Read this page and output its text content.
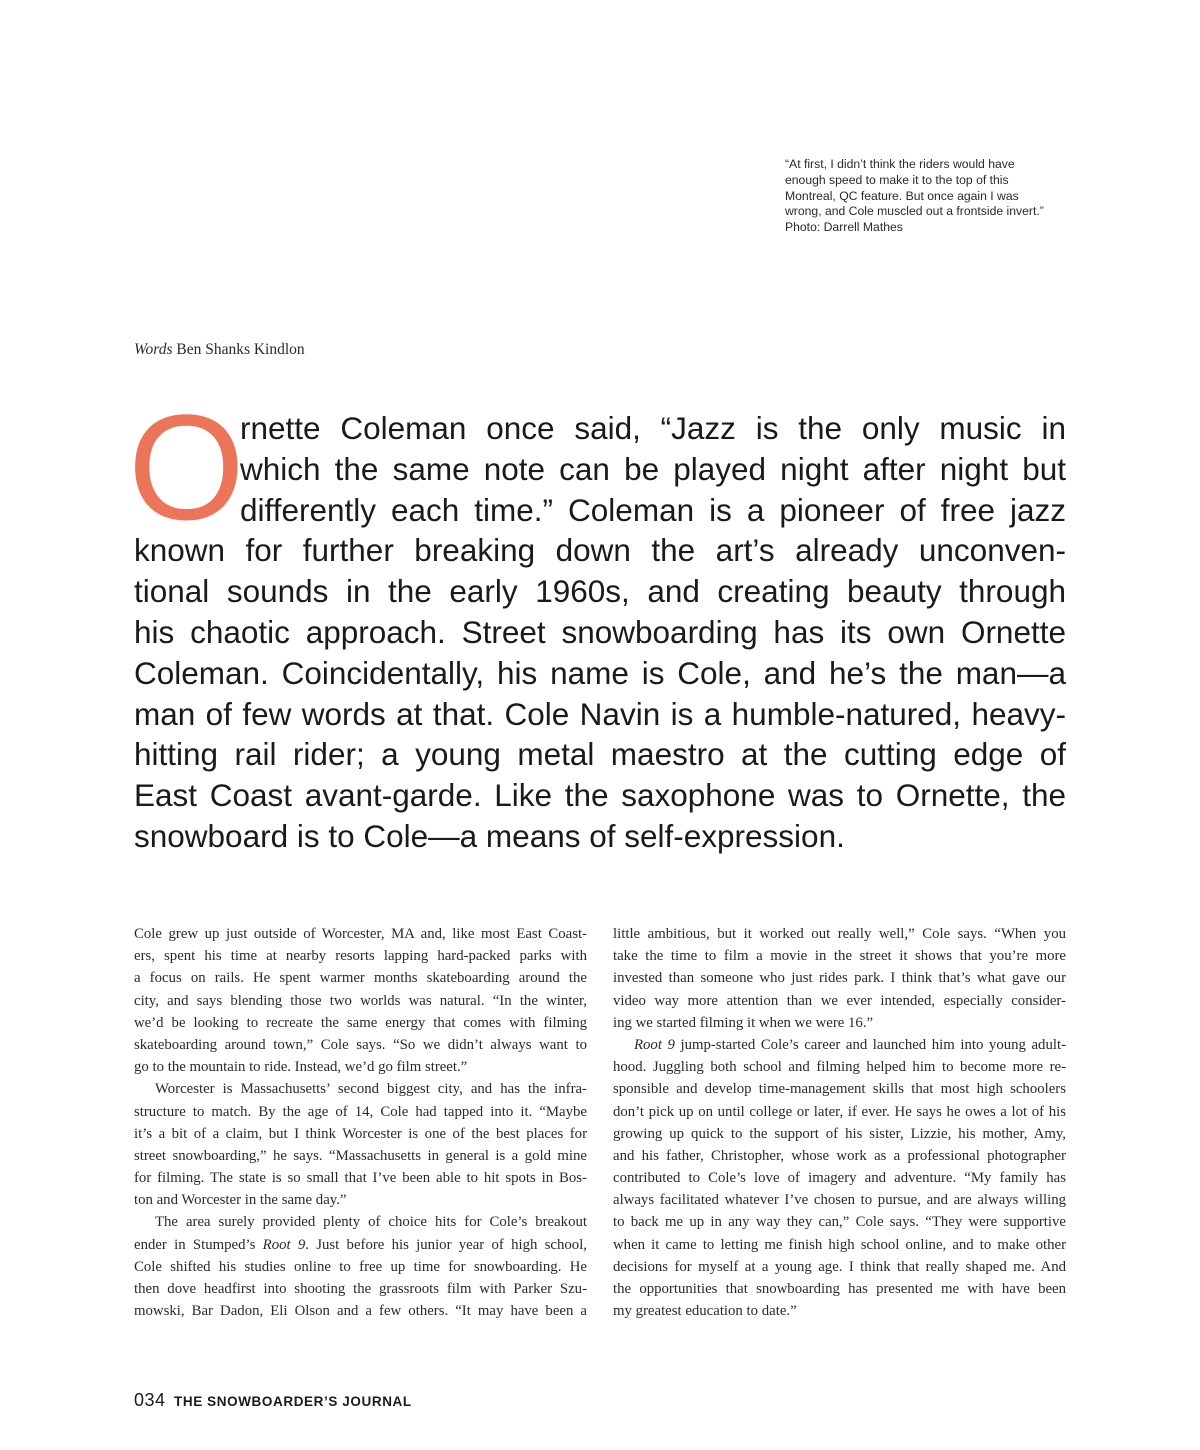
“At first, I didn’t think the riders would have
enough speed to make it to the top of this
Montreal, QC feature. But once again I was
wrong, and Cole muscled out a frontside invert.”
Photo: Darrell Mathes
Words Ben Shanks Kindlon
O
rnette Coleman once said, “Jazz is the only music in
which the same note can be played night after night but
differently each time.” Coleman is a pioneer of free jazz
known for further breaking down the art’s already unconven-
tional sounds in the early 1960s, and creating beauty through
his chaotic approach. Street snowboarding has its own Ornette
Coleman. Coincidentally, his name is Cole, and he’s the man—a
man of few words at that. Cole Navin is a humble-natured, heavy-
hitting rail rider; a young metal maestro at the cutting edge of
East Coast avant-garde. Like the saxophone was to Ornette, the
snowboard is to Cole—a means of self-expression.
Cole grew up just outside of Worcester, MA and, like most East Coast-
ers, spent his time at nearby resorts lapping hard-packed parks with
a focus on rails. He spent warmer months skateboarding around the
city, and says blending those two worlds was natural. “In the winter,
we’d be looking to recreate the same energy that comes with filming
skateboarding around town,” Cole says. “So we didn’t always want to
go to the mountain to ride. Instead, we’d go film street.”
Worcester is Massachusetts’ second biggest city, and has the infra-
structure to match. By the age of 14, Cole had tapped into it. “Maybe
it’s a bit of a claim, but I think Worcester is one of the best places for
street snowboarding,” he says. “Massachusetts in general is a gold mine
for filming. The state is so small that I’ve been able to hit spots in Bos-
ton and Worcester in the same day.”
The area surely provided plenty of choice hits for Cole’s breakout
ender in Stumped’s Root 9. Just before his junior year of high school,
Cole shifted his studies online to free up time for snowboarding. He
then dove headfirst into shooting the grassroots film with Parker Szu-
mowski, Bar Dadon, Eli Olson and a few others. “It may have been a
little ambitious, but it worked out really well,” Cole says. “When you
take the time to film a movie in the street it shows that you’re more
invested than someone who just rides park. I think that’s what gave our
video way more attention than we ever intended, especially consider-
ing we started filming it when we were 16.”
Root 9 jump-started Cole’s career and launched him into young adult-
hood. Juggling both school and filming helped him to become more re-
sponsible and develop time-management skills that most high schoolers
don’t pick up on until college or later, if ever. He says he owes a lot of his
growing up quick to the support of his sister, Lizzie, his mother, Amy,
and his father, Christopher, whose work as a professional photographer
contributed to Cole’s love of imagery and adventure. “My family has
always facilitated whatever I’ve chosen to pursue, and are always willing
to back me up in any way they can,” Cole says. “They were supportive
when it came to letting me finish high school online, and to make other
decisions for myself at a young age. I think that really shaped me. And
the opportunities that snowboarding has presented me with have been
my greatest education to date.”
034 THE SNOWBOARDER’S JOURNAL
